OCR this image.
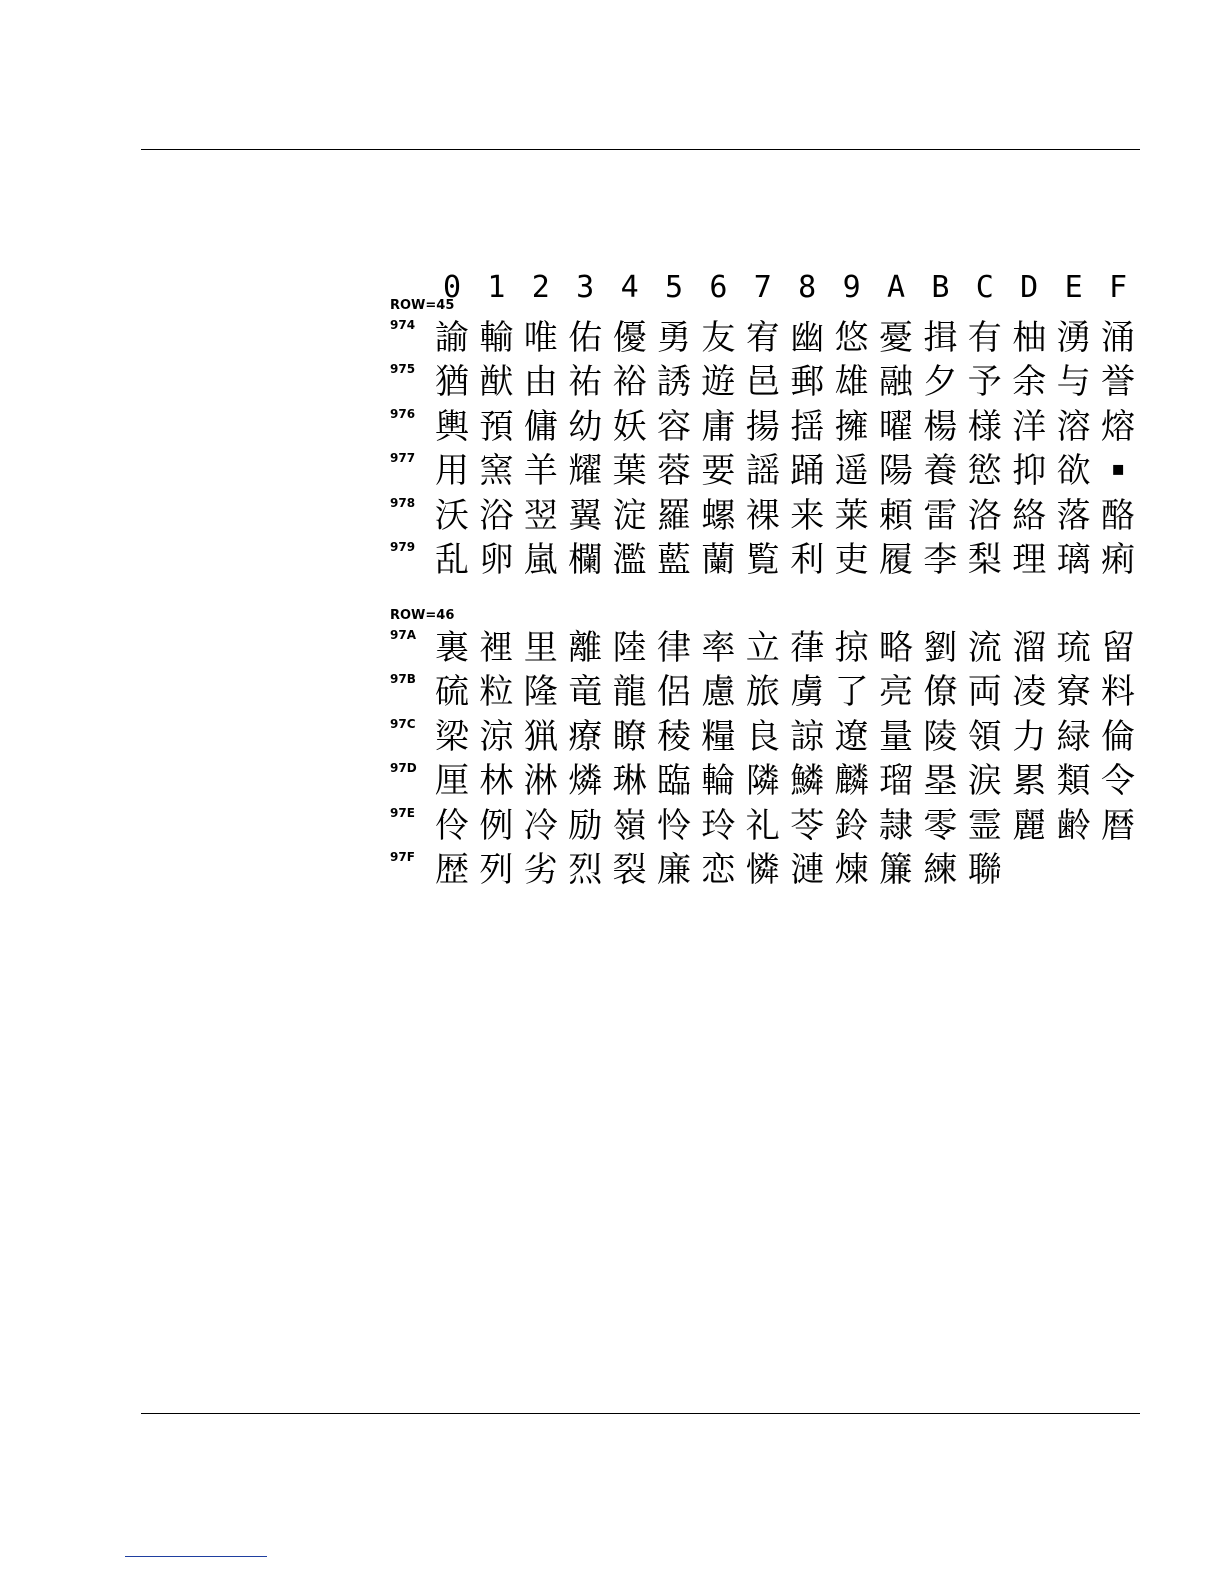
0 1 2 3 4 5 6 7 8 9 A B C D E F
ROW=45
974 諭 輸 唯 佑 優 勇 友 宥 幽 悠 憂 揖 有 柚 湧 涌
975 猶 猷 由 祐 裕 誘 遊 邑 郵 雄 融 夕 予 余 与 誉
976 輿 預 傭 幼 妖 容 庸 揚 揺 擁 曜 楊 様 洋 溶 熔
977 用 窯 羊 耀 葉 蓉 要 謡 踊 遥 陽 養 慾 抑 欲	▪
978 沃 浴 翌 翼 淀 羅 螺 裸 来 莱 頼 雷 洛 絡 落 酪
979 乱 卵 嵐 欄 濫 藍 蘭 覧 利 吏 履 李 梨 理 璃 痢
ROW=46
97A 裏 裡 里 離 陸 律 率 立 葎 掠 略 劉 流 溜 琉 留
97B 硫 粒 隆 竜 龍 侶 慮 旅 虜 了 亮 僚 両 凌 寮 料
97C 梁 涼 猟 療 瞭 稜 糧 良 諒 遼 量 陵 領 力 緑 倫
97D 厘 林 淋 燐 琳 臨 輪 隣 鱗 麟 瑠 塁 涙 累 類 令
97E 伶 例 冷 励 嶺 怜 玲 礼 苓 鈴 隷 零 霊 麗 齢 暦
97F 歴 列 劣 烈 裂 廉 恋 憐 漣 煉 簾 練 聯
